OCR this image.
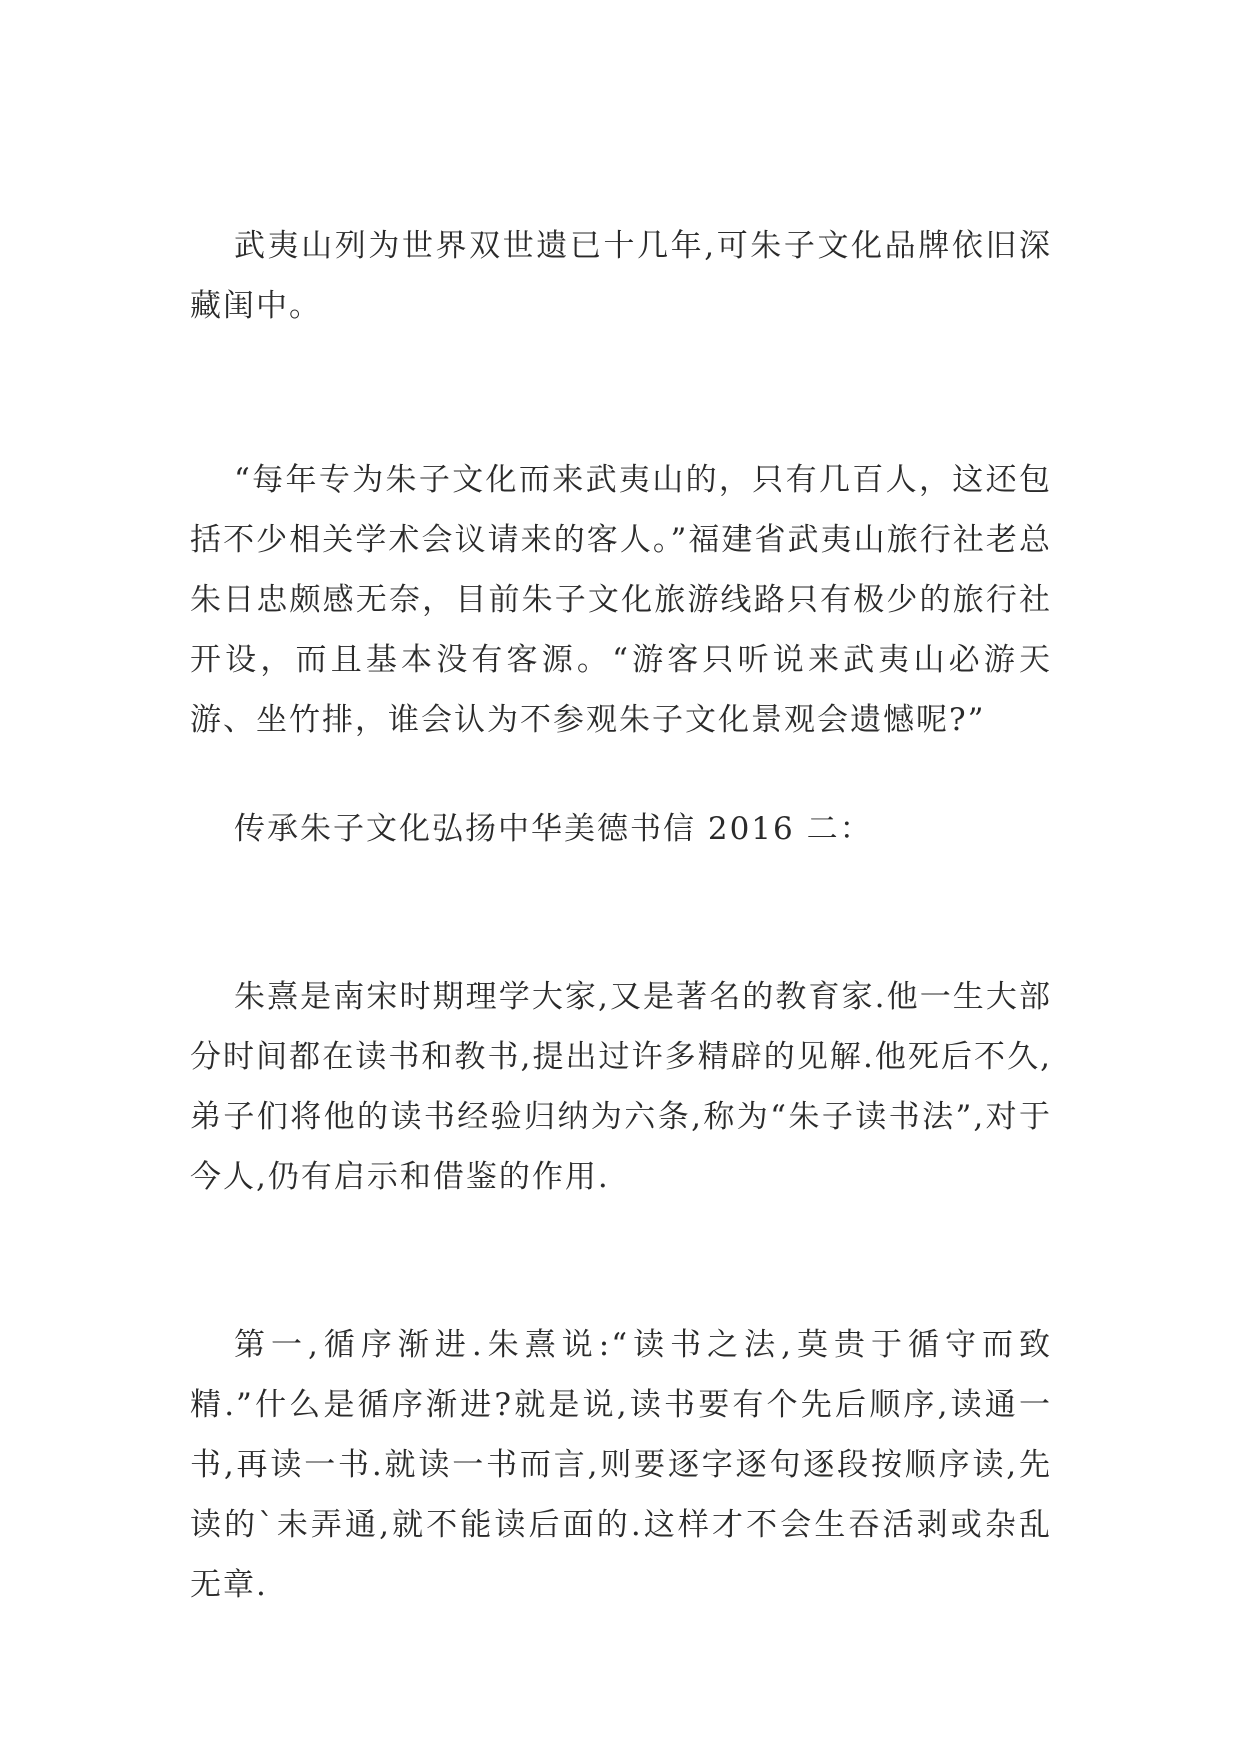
武夷山列为世界双世遗已十几年,可朱子文化品牌依旧深藏闺中。

“每年专为朱子文化而来武夷山的，只有几百人，这还包括不少相关学术会议请来的客人。”福建省武夷山旅行社老总朱日忠颇感无奈，目前朱子文化旅游线路只有极少的旅行社开设，而且基本没有客源。“游客只听说来武夷山必游天游、坐竹排，谁会认为不参观朱子文化景观会遗憾呢?”

传承朱子文化弘扬中华美德书信 2016 二：

朱熹是南宋时期理学大家,又是著名的教育家.他一生大部分时间都在读书和教书,提出过许多精辟的见解.他死后不久,弟子们将他的读书经验归纳为六条,称为“朱子读书法”,对于今人,仍有启示和借鉴的作用.

第一,循序渐进.朱熹说:“读书之法,莫贵于循守而致精.”什么是循序渐进?就是说,读书要有个先后顺序,读通一书,再读一书.就读一书而言,则要逐字逐句逐段按顺序读,先读的`未弄通,就不能读后面的.这样才不会生吞活剥或杂乱无章.
